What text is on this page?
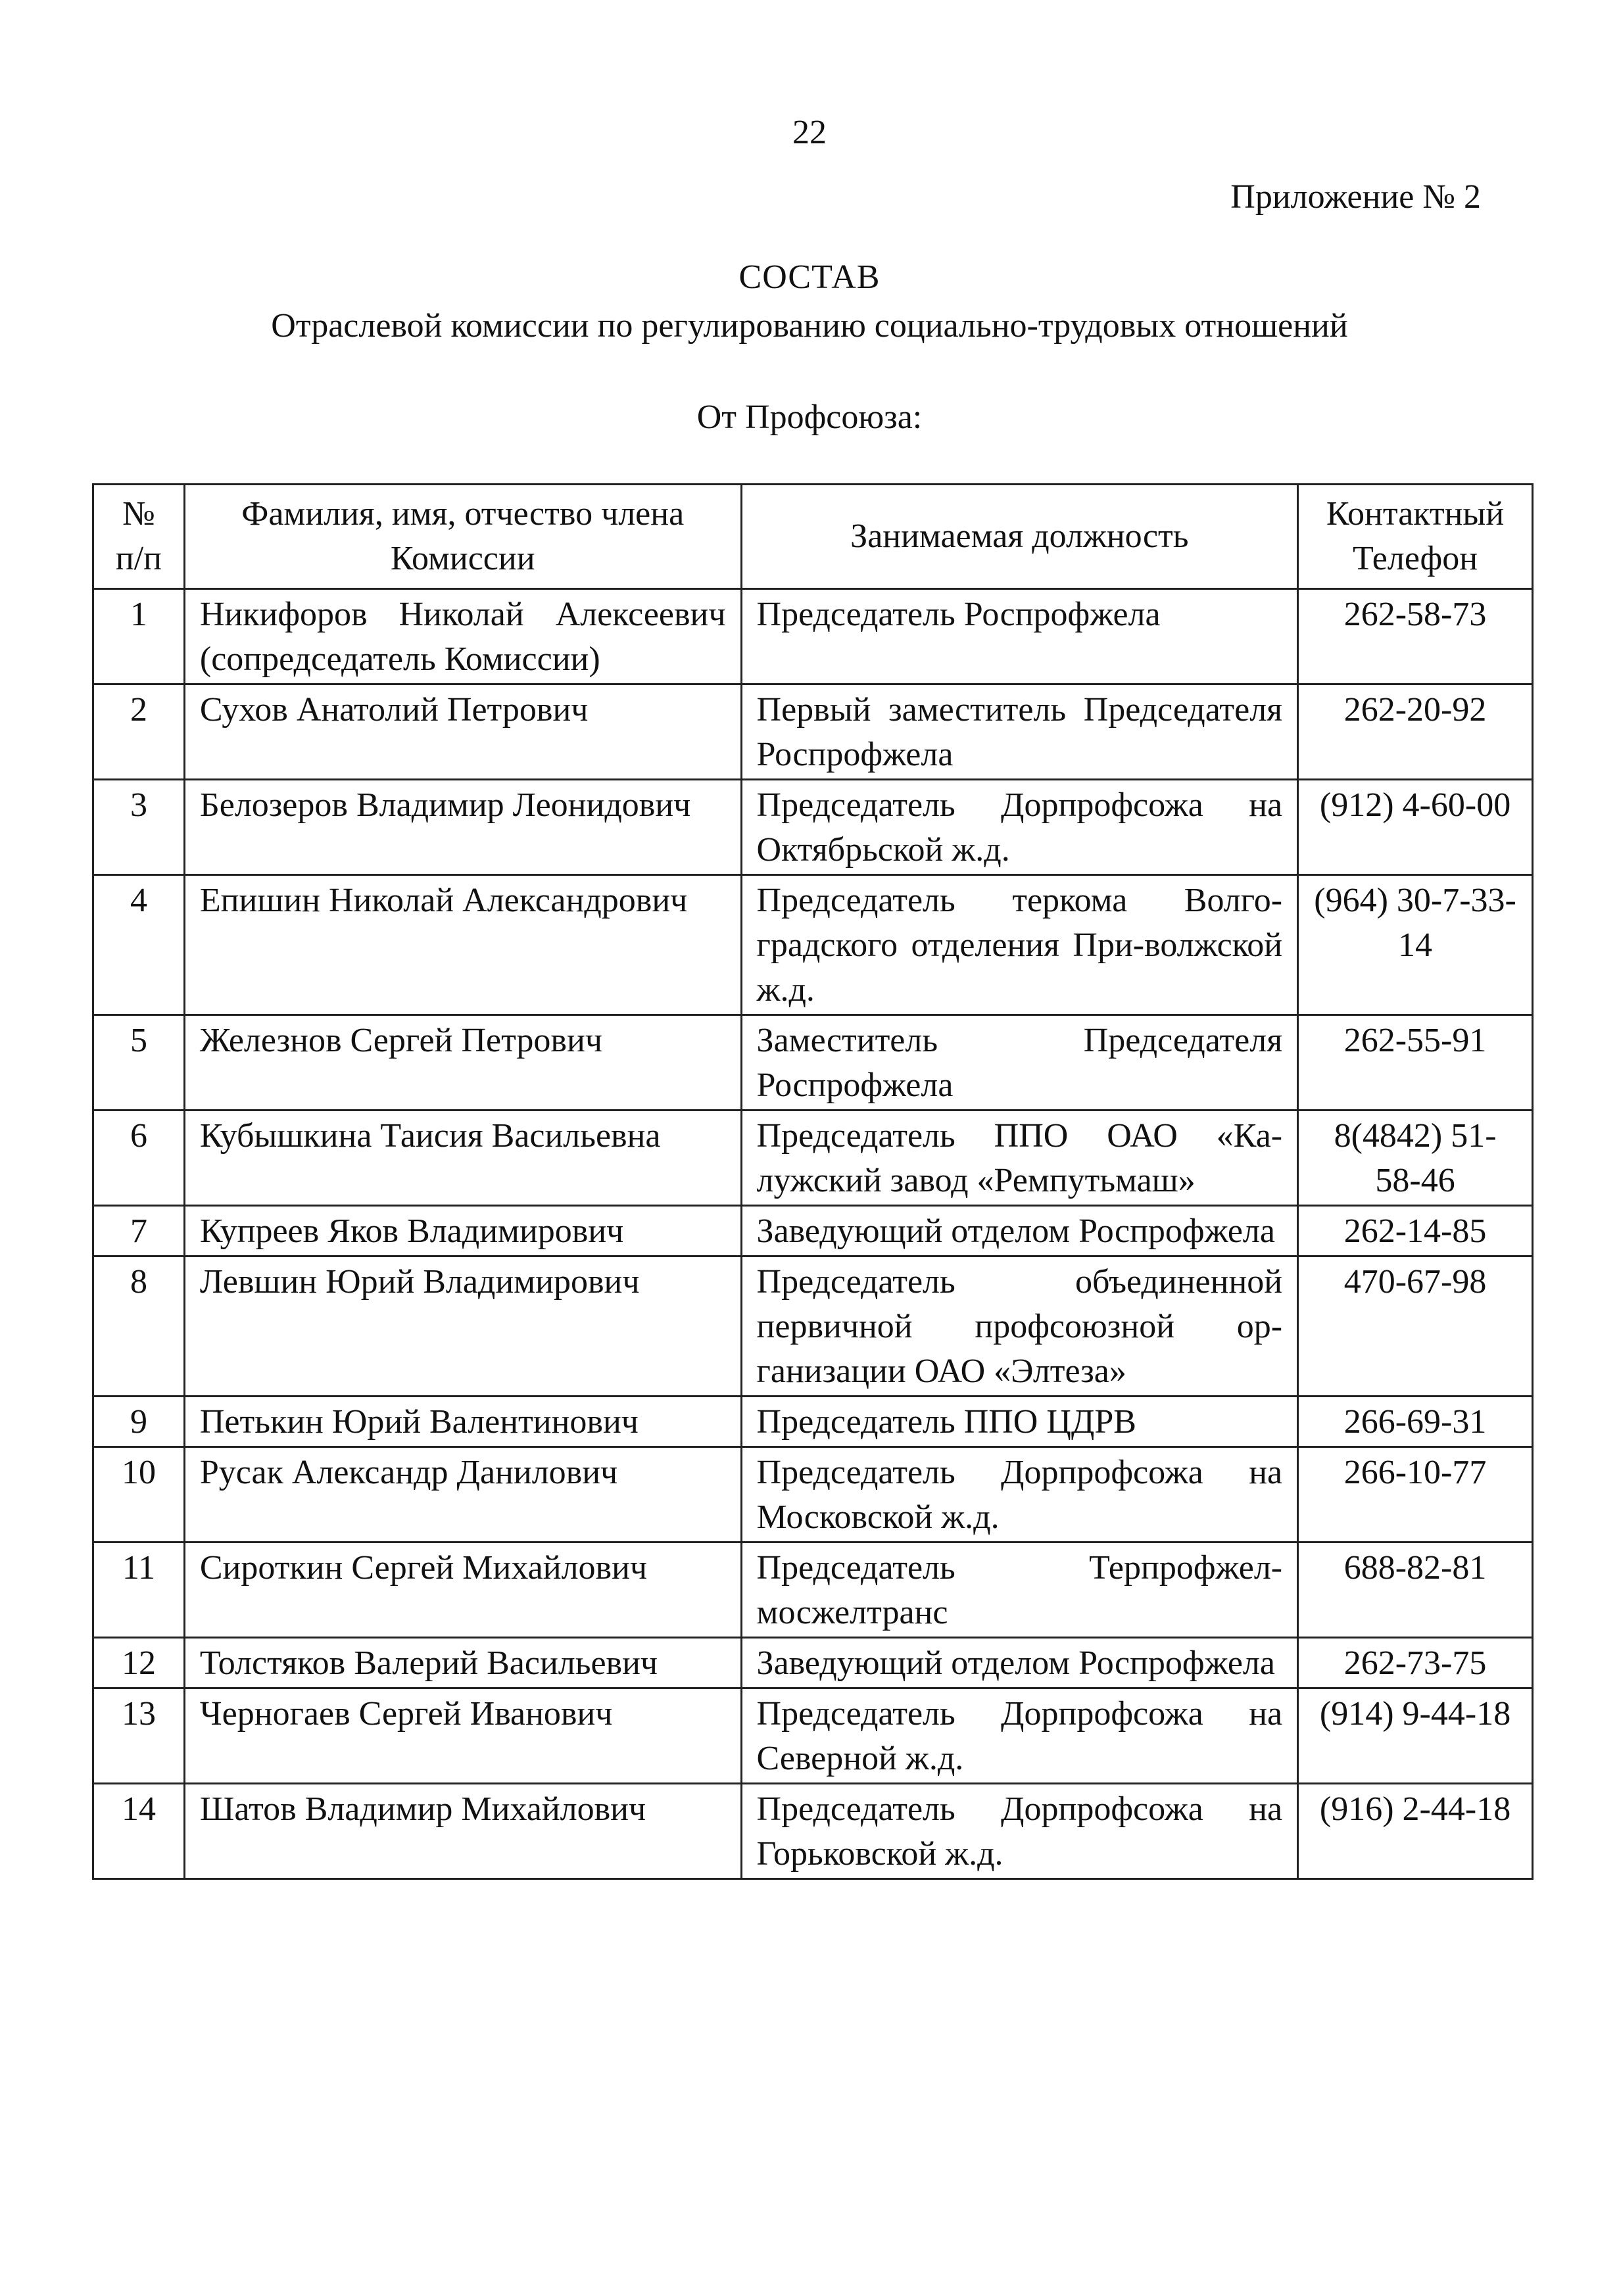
22
Приложение № 2
СОСТАВ
Отраслевой комиссии по регулированию социально-трудовых отношений
От Профсоюза:
№ п/п	Фамилия, имя, отчество члена Комиссии	Занимаемая должность	Контактный Телефон
1	Никифоров Николай Алексеевич (сопредседатель Комиссии)	Председатель Роспрофжела	262-58-73
2	Сухов Анатолий Петрович	Первый заместитель Председателя Роспрофжела	262-20-92
3	Белозеров Владимир Леонидович	Председатель Дорпрофсожа на Октябрьской ж.д.	(912) 4-60-00
4	Епишин Николай Александрович	Председатель теркома Волго-градского отделения При-волжской ж.д.	(964) 30-7-33-14
5	Железнов Сергей Петрович	Заместитель Председателя Роспрофжела	262-55-91
6	Кубышкина Таисия Васильевна	Председатель ППО ОАО «Ка-лужский завод «Ремпутьмаш»	8(4842) 51-58-46
7	Купреев Яков Владимирович	Заведующий отделом Роспрофжела	262-14-85
8	Левшин Юрий Владимирович	Председатель объединенной первичной профсоюзной ор-ганизации ОАО «Элтеза»	470-67-98
9	Петькин Юрий Валентинович	Председатель ППО ЦДРВ	266-69-31
10	Русак Александр Данилович	Председатель Дорпрофсожа на Московской ж.д.	266-10-77
11	Сироткин Сергей Михайлович	Председатель Терпрофжел-мосжелтранс	688-82-81
12	Толстяков Валерий Васильевич	Заведующий отделом Роспрофжела	262-73-75
13	Черногаев Сергей Иванович	Председатель Дорпрофсожа на Северной ж.д.	(914) 9-44-18
14	Шатов Владимир Михайлович	Председатель Дорпрофсожа на Горьковской ж.д.	(916) 2-44-18
